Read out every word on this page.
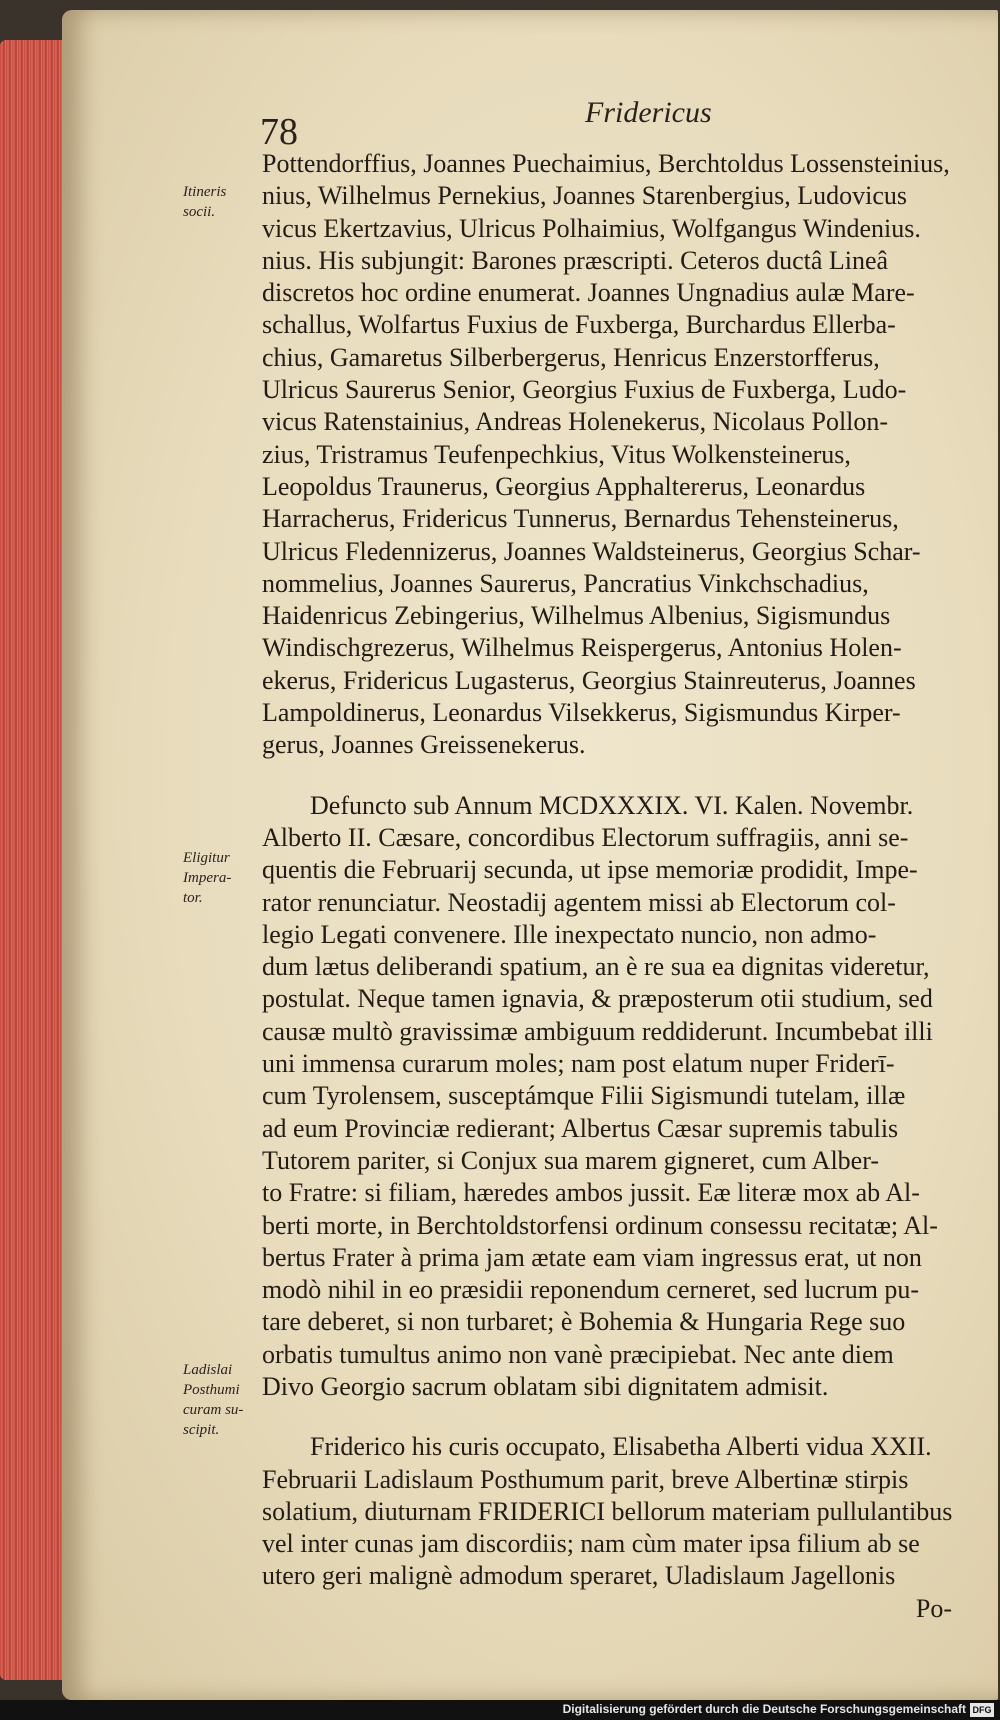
78	Fridericus
Itineris
socii.
Eligitur
Impera-
tor.
Ladislai
Posthumi
curam su-
scipit.
Pottendorffius, Joannes Puechaimius, Berchtoldus Lossensteinius,
nius, Wilhelmus Pernekius, Joannes Starenbergius, Ludovicus
vicus Ekertzavius, Ulricus Polhaimius, Wolfgangus Windenius.
nius. His subjungit: Barones præscripti. Ceteros ductâ Lineâ
discretos hoc ordine enumerat. Joannes Ungnadius aulæ Mare-
schallus, Wolfartus Fuxius de Fuxberga, Burchardus Ellerba-
chius, Gamaretus Silberbergerus, Henricus Enzerstorfferus,
Ulricus Saurerus Senior, Georgius Fuxius de Fuxberga, Ludo-
vicus Ratenstainius, Andreas Holenekerus, Nicolaus Pollon-
zius, Tristramus Teufenpechkius, Vitus Wolkensteinerus,
Leopoldus Traunerus, Georgius Apphaltererus, Leonardus
Harracherus, Fridericus Tunnerus, Bernardus Tehensteinerus,
Ulricus Fledennizerus, Joannes Waldsteinerus, Georgius Schar-
nommelius, Joannes Saurerus, Pancratius Vinkchschadius,
Haidenricus Zebingerius, Wilhelmus Albenius, Sigismundus
Windischgrezerus, Wilhelmus Reispergerus, Antonius Holen-
ekerus, Fridericus Lugasterus, Georgius Stainreuterus, Joannes
Lampoldinerus, Leonardus Vilsekkerus, Sigismundus Kirper-
gerus, Joannes Greissenekerus.
Defuncto sub Annum MCDXXXIX. VI. Kalen. Novembr.
Alberto II. Cæsare, concordibus Electorum suffragiis, anni se-
quentis die Februarij secunda, ut ipse memoriæ prodidit, Impe-
rator renunciatur. Neostadij agentem missi ab Electorum col-
legio Legati convenere. Ille inexpectato nuncio, non admo-
dum lætus deliberandi spatium, an è re sua ea dignitas videretur,
postulat. Neque tamen ignavia, & præposterum otii studium, sed
causæ multò gravissimæ ambiguum reddiderunt. Incumbebat illi
uni immensa curarum moles; nam post elatum nuper Friderī-
cum Tyrolensem, susceptámque Filii Sigismundi tutelam, illæ
ad eum Provinciæ redierant; Albertus Cæsar supremis tabulis
Tutorem pariter, si Conjux sua marem gigneret, cum Alber-
to Fratre: si filiam, hæredes ambos jussit. Eæ literæ mox ab Al-
berti morte, in Berchtoldstorfensi ordinum consessu recitatæ; Al-
bertus Frater à prima jam ætate eam viam ingressus erat, ut non
modò nihil in eo præsidii reponendum cerneret, sed lucrum pu-
tare deberet, si non turbaret; è Bohemia & Hungaria Rege suo
orbatis tumultus animo non vanè præcipiebat. Nec ante diem
Divo Georgio sacrum oblatam sibi dignitatem admisit.
Friderico his curis occupato, Elisabetha Alberti vidua XXII.
Februarii Ladislaum Posthumum parit, breve Albertinæ stirpis
solatium, diuturnam FRIDERICI bellorum materiam pullulantibus
vel inter cunas jam discordiis; nam cùm mater ipsa filium ab se
utero geri malignè admodum speraret, Uladislaum Jagellonis
Po-
Digitalisierung gefördert durch die Deutsche Forschungsgemeinschaft DFG
